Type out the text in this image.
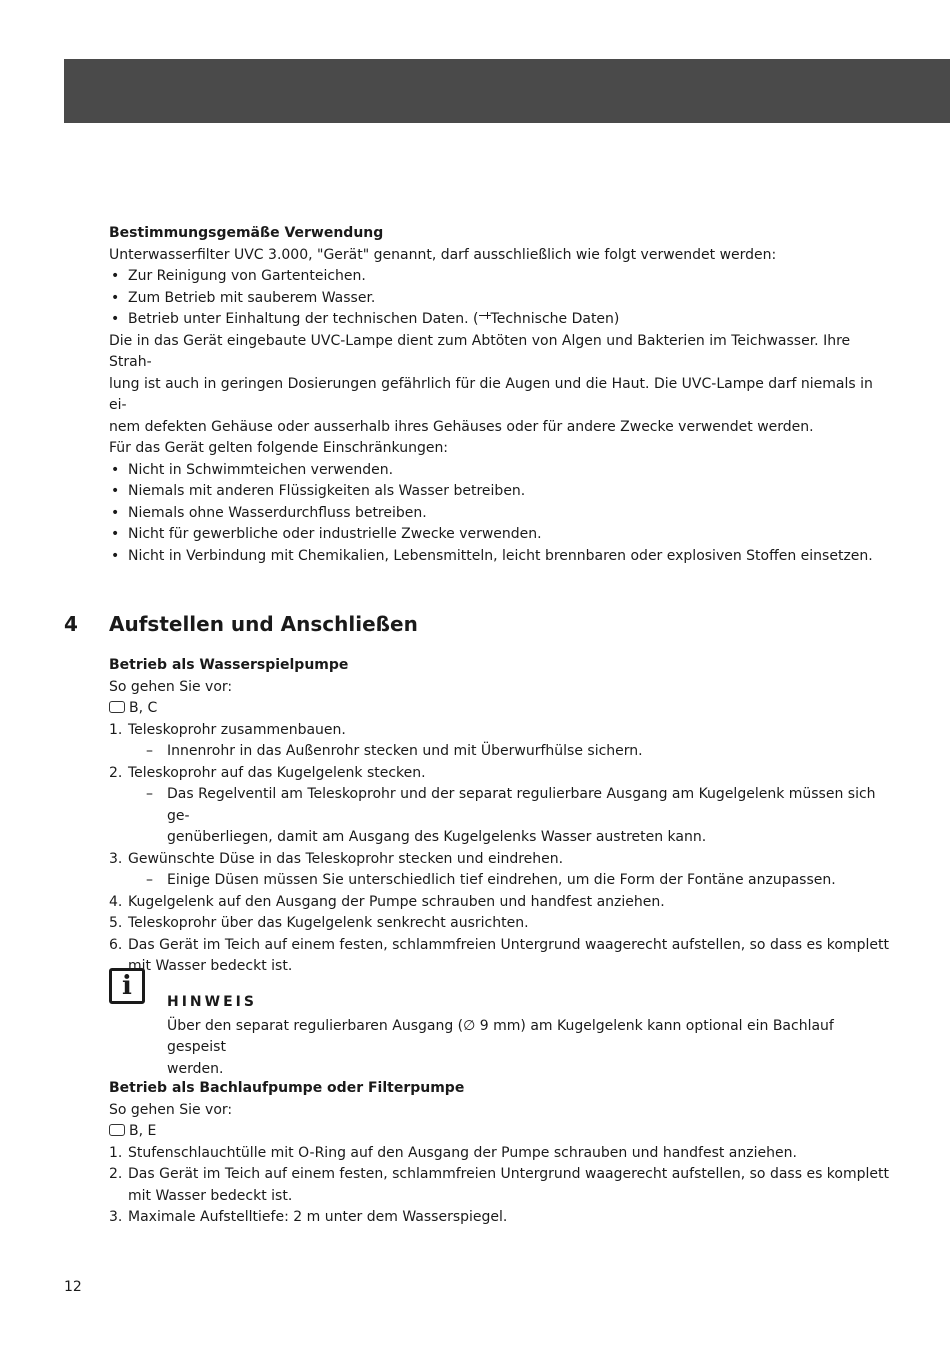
Bestimmungsgemäße Verwendung

Unterwasserfilter UVC 3.000, "Gerät" genannt, darf ausschließlich wie folgt verwendet werden:

• Zur Reinigung von Gartenteichen.
• Zum Betrieb mit sauberem Wasser.
• Betrieb unter Einhaltung der technischen Daten. ( Technische Daten)

Die in das Gerät eingebaute UVC-Lampe dient zum Abtöten von Algen und Bakterien im Teichwasser. Ihre Strah-

lung ist auch in geringen Dosierungen gefährlich für die Augen und die Haut. Die UVC-Lampe darf niemals in ei-

nem defekten Gehäuse oder ausserhalb ihres Gehäuses oder für andere Zwecke verwendet werden.

Für das Gerät gelten folgende Einschränkungen:

• Nicht in Schwimmteichen verwenden.
• Niemals mit anderen Flüssigkeiten als Wasser betreiben.
• Niemals ohne Wasserdurchfluss betreiben.
• Nicht für gewerbliche oder industrielle Zwecke verwenden.
• Nicht in Verbindung mit Chemikalien, Lebensmitteln, leicht brennbaren oder explosiven Stoffen einsetzen.
4 Aufstellen und Anschließen

Betrieb als Wasserspielpumpe

So gehen Sie vor:

B, C

1. Teleskoprohr zusammenbauen.
– Innenrohr in das Außenrohr stecken und mit Überwurfhülse sichern.
2. Teleskoprohr auf das Kugelgelenk stecken.
– Das Regelventil am Teleskoprohr und der separat regulierbare Ausgang am Kugelgelenk müssen sich ge-
genüberliegen, damit am Ausgang des Kugelgelenks Wasser austreten kann.
3. Gewünschte Düse in das Teleskoprohr stecken und eindrehen.
– Einige Düsen müssen Sie unterschiedlich tief eindrehen, um die Form der Fontäne anzupassen.
4. Kugelgelenk auf den Ausgang der Pumpe schrauben und handfest anziehen.
5. Teleskoprohr über das Kugelgelenk senkrecht ausrichten.
6. Das Gerät im Teich auf einem festen, schlammfreien Untergrund waagerecht aufstellen, so dass es komplett
mit Wasser bedeckt ist.
i

HINWEIS

Über den separat regulierbaren Ausgang (∅ 9 mm) am Kugelgelenk kann optional ein Bachlauf gespeist
werden.

Betrieb als Bachlaufpumpe oder Filterpumpe

So gehen Sie vor:

B, E

1. Stufenschlauchtülle mit O-Ring auf den Ausgang der Pumpe schrauben und handfest anziehen.
2. Das Gerät im Teich auf einem festen, schlammfreien Untergrund waagerecht aufstellen, so dass es komplett
mit Wasser bedeckt ist.
3. Maximale Aufstelltiefe: 2 m unter dem Wasserspiegel.
12
